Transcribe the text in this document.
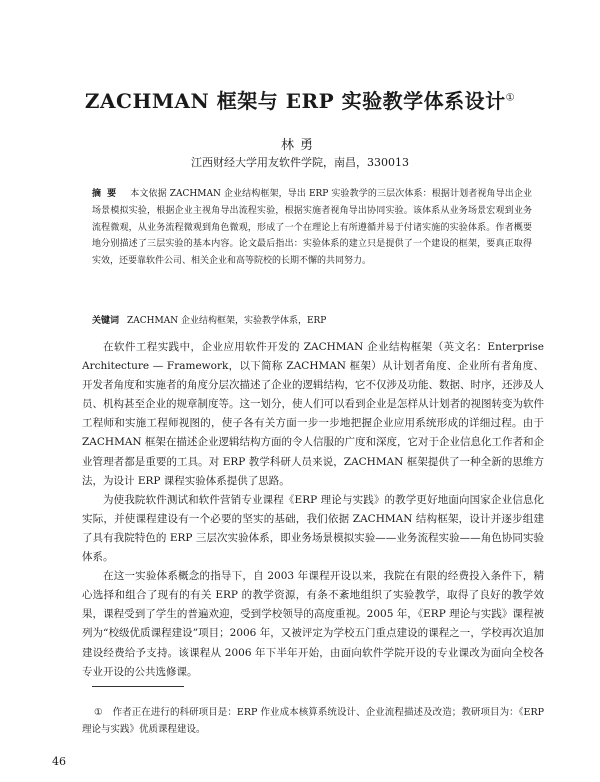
ZACHMAN 框架与 ERP 实验教学体系设计①
林勇
江西财经大学用友软件学院，南昌，330013
摘要 本文依据 ZACHMAN 企业结构框架，导出 ERP 实验教学的三层次体系：根据计划者视角导出企业场景模拟实验，根据企业主视角导出流程实验，根据实施者视角导出协同实验。该体系从业务场景宏观到业务流程微观，从业务流程微观到角色微观，形成了一个在理论上有所遵循并易于付诸实施的实验体系。作者概要地分别描述了三层实验的基本内容。论文最后指出：实验体系的建立只是提供了一个建设的框架，要真正取得实效，还要靠软件公司、相关企业和高等院校的长期不懈的共同努力。
关键词 ZACHMAN 企业结构框架，实验教学体系，ERP

在软件工程实践中，企业应用软件开发的 ZACHMAN 企业结构框架（英文名：Enterprise Architecture — Framework，以下简称 ZACHMAN 框架）从计划者角度、企业所有者角度、开发者角度和实施者的角度分层次描述了企业的逻辑结构，它不仅涉及功能、数据、时序，还涉及人员、机构甚至企业的规章制度等。这一划分，使人们可以看到企业是怎样从计划者的视图转变为软件工程师和实施工程师视图的，使子各有关方面一步一步地把握企业应用系统形成的详细过程。由于 ZACHMAN 框架在描述企业逻辑结构方面的令人信服的广度和深度，它对于企业信息化工作者和企业管理者都是重要的工具。对 ERP 教学科研人员来说，ZACHMAN 框架提供了一种全新的思维方法，为设计 ERP 课程实验体系提供了思路。

为使我院软件测试和软件营销专业课程《ERP 理论与实践》的教学更好地面向国家企业信息化实际，并使课程建设有一个必要的坚实的基础，我们依据 ZACHMAN 结构框架，设计并逐步组建了具有我院特色的 ERP 三层次实验体系，即业务场景模拟实验——业务流程实验——角色协同实验体系。

在这一实验体系概念的指导下，自 2003 年课程开设以来，我院在有限的经费投入条件下，精心选择和组合了现有的有关 ERP 的教学资源，有条不紊地组织了实验教学，取得了良好的教学效果，课程受到了学生的普遍欢迎，受到学校领导的高度重视。2005 年，《ERP 理论与实践》课程被列为“校级优质课程建设”项目；2006 年，又被评定为学校五门重点建设的课程之一，学校再次追加建设经费给予支持。该课程从 2006 年下半年开始，由面向软件学院开设的专业课改为面向全校各专业开设的公共选修课。

① 作者正在进行的科研项目是：ERP 作业成本核算系统设计、企业流程描述及改造；教研项目为：《ERP 理论与实践》优质课程建设。
46
